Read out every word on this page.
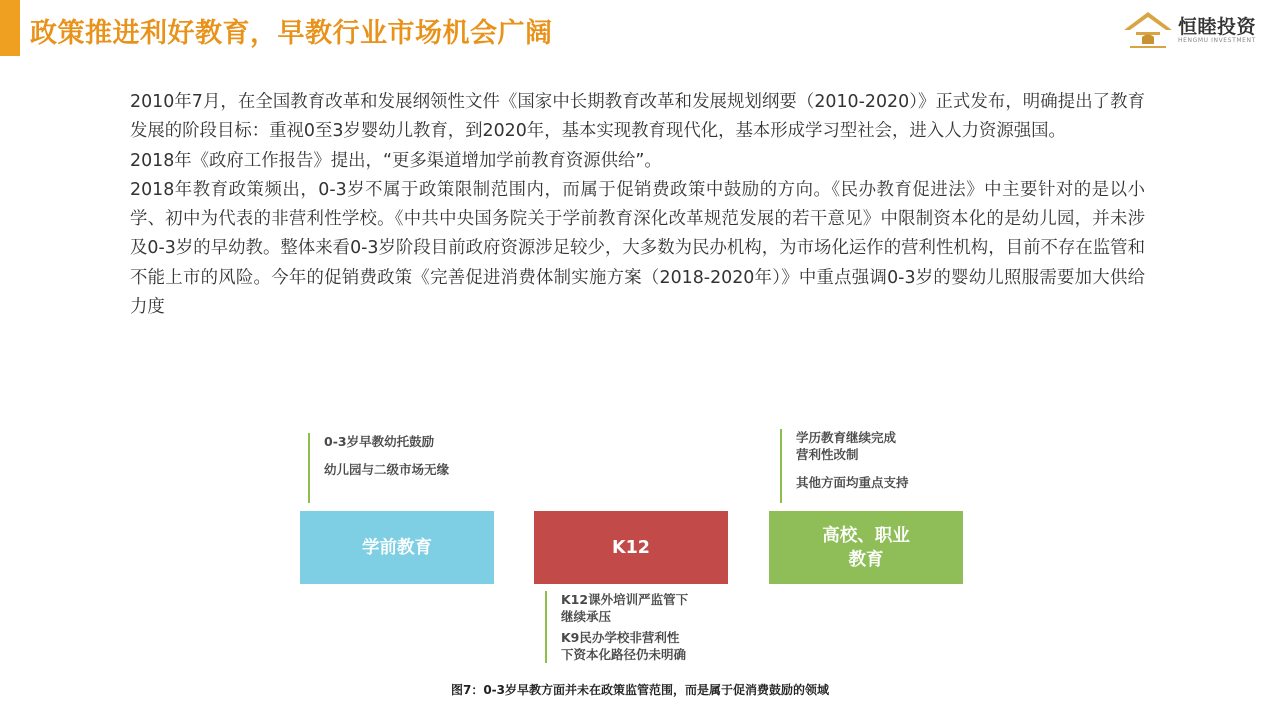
政策推进利好教育，早教行业市场机会广阔	恒睦投资
HENGMU INVESTMENT

2010年7月，在全国教育改革和发展纲领性文件《国家中长期教育改革和发展规划纲要（2010-2020）》正式发布，明确提出了教育发展的阶段目标：重视0至3岁婴幼儿教育，到2020年，基本实现教育现代化，基本形成学习型社会，进入人力资源强国。

2018年《政府工作报告》提出，“更多渠道增加学前教育资源供给”。

2018年教育政策频出，0-3岁不属于政策限制范围内，而属于促销费政策中鼓励的方向。《民办教育促进法》中主要针对的是以小学、初中为代表的非营利性学校。《中共中央国务院关于学前教育深化改革规范发展的若干意见》中限制资本化的是幼儿园，并未涉及0-3岁的早幼教。整体来看0-3岁阶段目前政府资源涉足较少，大多数为民办机构，为市场化运作的营利性机构，目前不存在监管和不能上市的风险。今年的促销费政策《完善促进消费体制实施方案（2018-2020年）》中重点强调0-3岁的婴幼儿照服需要加大供给力度

0-3岁早教幼托鼓励
幼儿园与二级市场无缘
学历教育继续完成
营利性改制
其他方面均重点支持
学前教育	K12
高校、职业
教育
K12课外培训严监管下
继续承压
K9民办学校非营利性
下资本化路径仍未明确
图7：0-3岁早教方面并未在政策监管范围，而是属于促消费鼓励的领域
